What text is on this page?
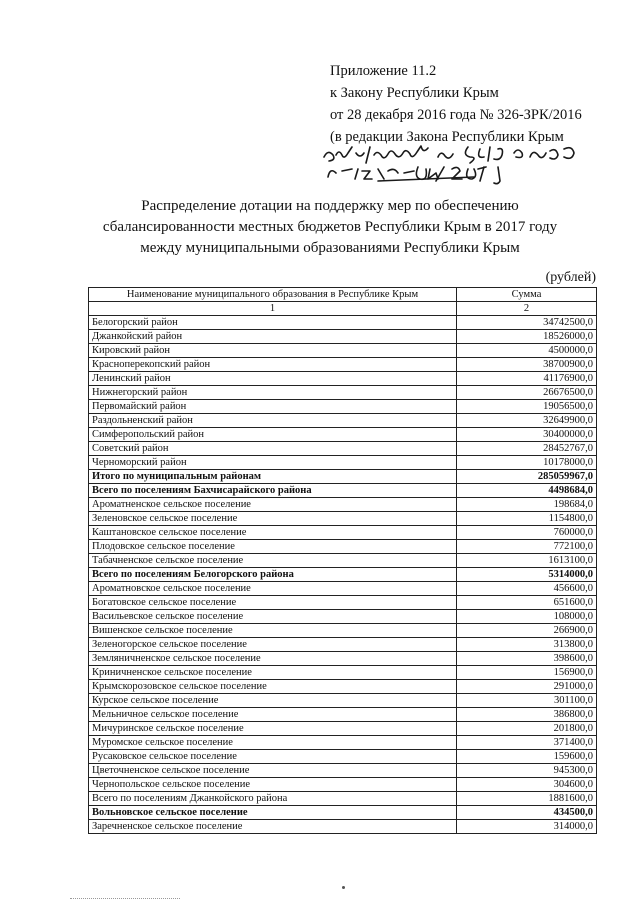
Приложение 11.2
к Закону Республики Крым
от 28 декабря 2016 года № 326-ЗРК/2016
(в редакции Закона Республики Крым
Распределение дотации на поддержку мер по обеспечению
сбалансированности местных бюджетов Республики Крым в 2017 году
между муниципальными образованиями Республики Крым
(рублей)
Наименование муниципального образования в Республике Крым	Сумма
1	2
Белогорский район	34742500,0
Джанкойский район	18526000,0
Кировский район	4500000,0
Красноперекопский район	38700900,0
Ленинский район	41176900,0
Нижнегорский район	26676500,0
Первомайский район	19056500,0
Раздольненский район	32649900,0
Симферопольский район	30400000,0
Советский район	28452767,0
Черноморский район	10178000,0
Итого по муниципальным районам	285059967,0
Всего по поселениям Бахчисарайского района	4498684,0
Ароматненское сельское поселение	198684,0
Зеленовское сельское поселение	1154800,0
Каштановское сельское поселение	760000,0
Плодовское сельское поселение	772100,0
Табачненское сельское поселение	1613100,0
Всего по поселениям Белогорского района	5314000,0
Ароматновское сельское поселение	456600,0
Богатовское сельское поселение	651600,0
Васильевское сельское поселение	108000,0
Вишенское сельское поселение	266900,0
Зеленогорское сельское поселение	313800,0
Земляничненское сельское поселение	398600,0
Криничненское сельское поселение	156900,0
Крымскорозовское сельское поселение	291000,0
Курское сельское поселение	301100,0
Мельничное сельское поселение	386800,0
Мичуринское сельское поселение	201800,0
Муромское сельское поселение	371400,0
Русаковское сельское поселение	159600,0
Цветочненское сельское поселение	945300,0
Чернопольское сельское поселение	304600,0
Всего по поселениям Джанкойского района	1881600,0
Вольновское сельское поселение	434500,0
Заречненское сельское поселение	314000,0
